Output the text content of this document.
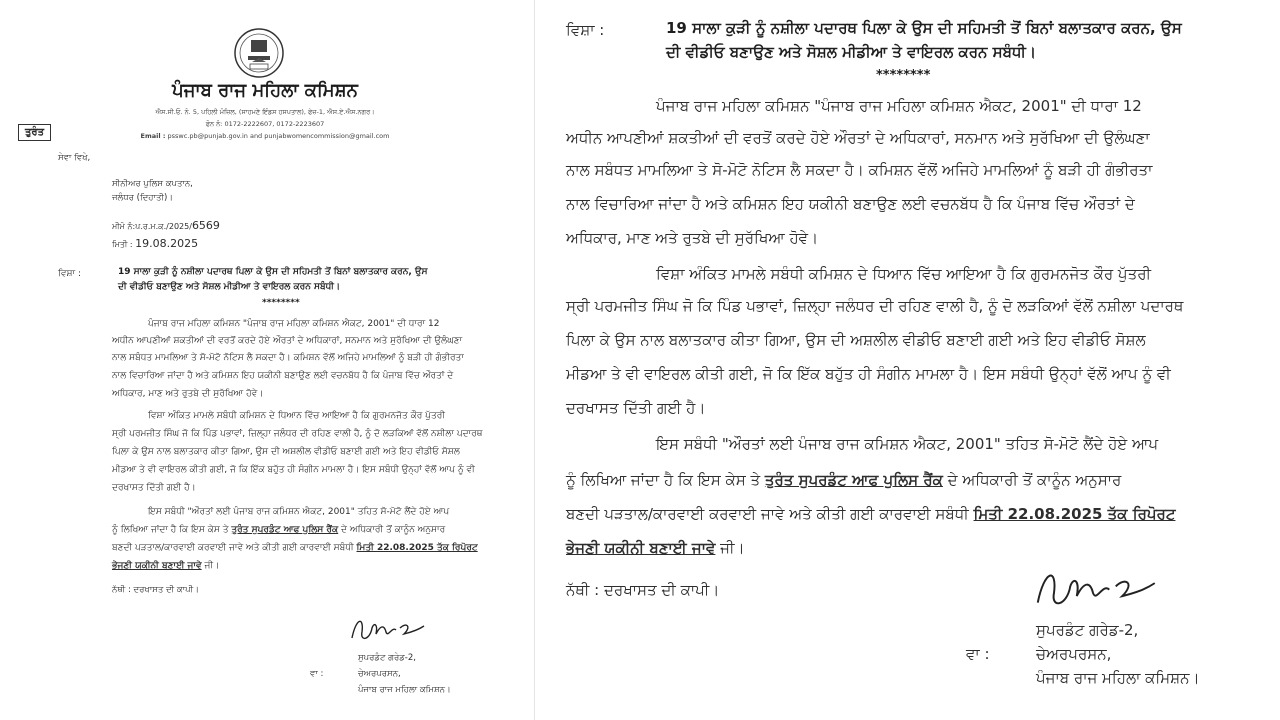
ਪੰਜਾਬ ਰਾਜ ਮਹਿਲਾ ਕਮਿਸ਼ਨ
ਐਸ.ਸੀ.ਓ. ਨੰ. 5, ਪਹਿਲੀ ਮੰਜ਼ਿਲ, (ਸਾਹਮਣੇ ਇੰਡਸ ਹਸਪਤਾਲ), ਫੇਜ਼-1, ਐਸ.ਏ.ਐਸ.ਨਗਰ।
ਫੋਨ ਨੰ: 0172-2222607, 0172-2223607
Email : psswc.pb@punjab.gov.in and punjabwomencommission@gmail.com
ਤੁਰੰਤ
ਸੇਵਾ ਵਿਖੇ,
ਸੀਨੀਅਰ ਪੁਲਿਸ ਕਪਤਾਨ,
ਜਲੰਧਰ (ਦਿਹਾਤੀ)।
ਮੀਮੋ ਨੰ:ਪ.ਰ.ਮ.ਕ./2025/6569
ਮਿਤੀ : 19.08.2025
ਵਿਸ਼ਾ :	19 ਸਾਲਾ ਕੁੜੀ ਨੂੰ ਨਸ਼ੀਲਾ ਪਦਾਰਥ ਪਿਲਾ ਕੇ ਉਸ ਦੀ ਸਹਿਮਤੀ ਤੋਂ ਬਿਨਾਂ ਬਲਾਤਕਾਰ ਕਰਨ, ਉਸ
ਦੀ ਵੀਡੀਓ ਬਣਾਉਣ ਅਤੇ ਸੋਸ਼ਲ ਮੀਡੀਆ ਤੇ ਵਾਇਰਲ ਕਰਨ ਸਬੰਧੀ।
********
ਪੰਜਾਬ ਰਾਜ ਮਹਿਲਾ ਕਮਿਸ਼ਨ "ਪੰਜਾਬ ਰਾਜ ਮਹਿਲਾ ਕਮਿਸ਼ਨ ਐਕਟ, 2001" ਦੀ ਧਾਰਾ 12
ਅਧੀਨ ਆਪਣੀਆਂ ਸ਼ਕਤੀਆਂ ਦੀ ਵਰਤੋਂ ਕਰਦੇ ਹੋਏ ਔਰਤਾਂ ਦੇ ਅਧਿਕਾਰਾਂ, ਸਨਮਾਨ ਅਤੇ ਸੁਰੱਖਿਆ ਦੀ ਉਲੰਘਣਾ
ਨਾਲ ਸਬੰਧਤ ਮਾਮਲਿਆ ਤੇ ਸੋ-ਮੋਟੋ ਨੋਟਿਸ ਲੈ ਸਕਦਾ ਹੈ। ਕਮਿਸ਼ਨ ਵੱਲੋਂ ਅਜਿਹੇ ਮਾਮਲਿਆਂ ਨੂੰ ਬੜੀ ਹੀ ਗੰਭੀਰਤਾ
ਨਾਲ ਵਿਚਾਰਿਆ ਜਾਂਦਾ ਹੈ ਅਤੇ ਕਮਿਸ਼ਨ ਇਹ ਯਕੀਨੀ ਬਣਾਉਣ ਲਈ ਵਚਨਬੱਧ ਹੈ ਕਿ ਪੰਜਾਬ ਵਿੱਚ ਔਰਤਾਂ ਦੇ
ਅਧਿਕਾਰ, ਮਾਣ ਅਤੇ ਰੁਤਬੇ ਦੀ ਸੁਰੱਖਿਆ ਹੋਵੇ।
ਵਿਸ਼ਾ ਅੰਕਿਤ ਮਾਮਲੇ ਸਬੰਧੀ ਕਮਿਸ਼ਨ ਦੇ ਧਿਆਨ ਵਿੱਚ ਆਇਆ ਹੈ ਕਿ ਗੁਰਮਨਜੋਤ ਕੌਰ ਪੁੱਤਰੀ
ਸ੍ਰੀ ਪਰਮਜੀਤ ਸਿੰਘ ਜੋ ਕਿ ਪਿੰਡ ਪਭਾਵਾਂ, ਜ਼ਿਲ੍ਹਾ ਜਲੰਧਰ ਦੀ ਰਹਿਣ ਵਾਲੀ ਹੈ, ਨੂੰ ਦੋ ਲੜਕਿਆਂ ਵੱਲੋਂ ਨਸ਼ੀਲਾ ਪਦਾਰਥ
ਪਿਲਾ ਕੇ ਉਸ ਨਾਲ ਬਲਾਤਕਾਰ ਕੀਤਾ ਗਿਆ, ਉਸ ਦੀ ਅਸ਼ਲੀਲ ਵੀਡੀਓ ਬਣਾਈ ਗਈ ਅਤੇ ਇਹ ਵੀਡੀਓ ਸੋਸ਼ਲ
ਮੀਡਆ ਤੇ ਵੀ ਵਾਇਰਲ ਕੀਤੀ ਗਈ, ਜੋ ਕਿ ਇੱਕ ਬਹੁੱਤ ਹੀ ਸੰਗੀਨ ਮਾਮਲਾ ਹੈ। ਇਸ ਸਬੰਧੀ ਉਨ੍ਹਾਂ ਵੱਲੋਂ ਆਪ ਨੂੰ ਵੀ
ਦਰਖਾਸਤ ਦਿੱਤੀ ਗਈ ਹੈ।
ਇਸ ਸਬੰਧੀ "ਔਰਤਾਂ ਲਈ ਪੰਜਾਬ ਰਾਜ ਕਮਿਸ਼ਨ ਐਕਟ, 2001" ਤਹਿਤ ਸੋ-ਮੋਟੋ ਲੈਂਦੇ ਹੋਏ ਆਪ
ਨੂੰ ਲਿਖਿਆ ਜਾਂਦਾ ਹੈ ਕਿ ਇਸ ਕੇਸ ਤੇ ਤੁਰੰਤ ਸੁਪਰਡੰਟ ਆਫ ਪੁਲਿਸ ਰੈਂਕ ਦੇ ਅਧਿਕਾਰੀ ਤੋਂ ਕਾਨੂੰਨ ਅਨੁਸਾਰ
ਬਣਦੀ ਪੜਤਾਲ/ਕਾਰਵਾਈ ਕਰਵਾਈ ਜਾਵੇ ਅਤੇ ਕੀਤੀ ਗਈ ਕਾਰਵਾਈ ਸਬੰਧੀ ਮਿਤੀ 22.08.2025 ਤੱਕ ਰਿਪੋਰਟ
ਭੇਜਣੀ ਯਕੀਨੀ ਬਣਾਈ ਜਾਵੇ ਜੀ।
ਨੱਥੀ : ਦਰਖਾਸਤ ਦੀ ਕਾਪੀ।
ਸੁਪਰਡੰਟ ਗਰੇਡ-2,
ਵਾ :	ਚੇਅਰਪਰਸਨ,
ਪੰਜਾਬ ਰਾਜ ਮਹਿਲਾ ਕਮਿਸ਼ਨ।
ਵਿਸ਼ਾ :	19 ਸਾਲਾ ਕੁੜੀ ਨੂੰ ਨਸ਼ੀਲਾ ਪਦਾਰਥ ਪਿਲਾ ਕੇ ਉਸ ਦੀ ਸਹਿਮਤੀ ਤੋਂ ਬਿਨਾਂ ਬਲਾਤਕਾਰ ਕਰਨ, ਉਸ
ਦੀ ਵੀਡੀਓ ਬਣਾਉਣ ਅਤੇ ਸੋਸ਼ਲ ਮੀਡੀਆ ਤੇ ਵਾਇਰਲ ਕਰਨ ਸਬੰਧੀ।
********
ਪੰਜਾਬ ਰਾਜ ਮਹਿਲਾ ਕਮਿਸ਼ਨ "ਪੰਜਾਬ ਰਾਜ ਮਹਿਲਾ ਕਮਿਸ਼ਨ ਐਕਟ, 2001" ਦੀ ਧਾਰਾ 12
ਅਧੀਨ ਆਪਣੀਆਂ ਸ਼ਕਤੀਆਂ ਦੀ ਵਰਤੋਂ ਕਰਦੇ ਹੋਏ ਔਰਤਾਂ ਦੇ ਅਧਿਕਾਰਾਂ, ਸਨਮਾਨ ਅਤੇ ਸੁਰੱਖਿਆ ਦੀ ਉਲੰਘਣਾ
ਨਾਲ ਸਬੰਧਤ ਮਾਮਲਿਆ ਤੇ ਸੋ-ਮੋਟੋ ਨੋਟਿਸ ਲੈ ਸਕਦਾ ਹੈ। ਕਮਿਸ਼ਨ ਵੱਲੋਂ ਅਜਿਹੇ ਮਾਮਲਿਆਂ ਨੂੰ ਬੜੀ ਹੀ ਗੰਭੀਰਤਾ
ਨਾਲ ਵਿਚਾਰਿਆ ਜਾਂਦਾ ਹੈ ਅਤੇ ਕਮਿਸ਼ਨ ਇਹ ਯਕੀਨੀ ਬਣਾਉਣ ਲਈ ਵਚਨਬੱਧ ਹੈ ਕਿ ਪੰਜਾਬ ਵਿੱਚ ਔਰਤਾਂ ਦੇ
ਅਧਿਕਾਰ, ਮਾਣ ਅਤੇ ਰੁਤਬੇ ਦੀ ਸੁਰੱਖਿਆ ਹੋਵੇ।
ਵਿਸ਼ਾ ਅੰਕਿਤ ਮਾਮਲੇ ਸਬੰਧੀ ਕਮਿਸ਼ਨ ਦੇ ਧਿਆਨ ਵਿੱਚ ਆਇਆ ਹੈ ਕਿ ਗੁਰਮਨਜੋਤ ਕੌਰ ਪੁੱਤਰੀ
ਸ੍ਰੀ ਪਰਮਜੀਤ ਸਿੰਘ ਜੋ ਕਿ ਪਿੰਡ ਪਭਾਵਾਂ, ਜ਼ਿਲ੍ਹਾ ਜਲੰਧਰ ਦੀ ਰਹਿਣ ਵਾਲੀ ਹੈ, ਨੂੰ ਦੋ ਲੜਕਿਆਂ ਵੱਲੋਂ ਨਸ਼ੀਲਾ ਪਦਾਰਥ
ਪਿਲਾ ਕੇ ਉਸ ਨਾਲ ਬਲਾਤਕਾਰ ਕੀਤਾ ਗਿਆ, ਉਸ ਦੀ ਅਸ਼ਲੀਲ ਵੀਡੀਓ ਬਣਾਈ ਗਈ ਅਤੇ ਇਹ ਵੀਡੀਓ ਸੋਸ਼ਲ
ਮੀਡਆ ਤੇ ਵੀ ਵਾਇਰਲ ਕੀਤੀ ਗਈ, ਜੋ ਕਿ ਇੱਕ ਬਹੁੱਤ ਹੀ ਸੰਗੀਨ ਮਾਮਲਾ ਹੈ। ਇਸ ਸਬੰਧੀ ਉਨ੍ਹਾਂ ਵੱਲੋਂ ਆਪ ਨੂੰ ਵੀ
ਦਰਖਾਸਤ ਦਿੱਤੀ ਗਈ ਹੈ।
ਇਸ ਸਬੰਧੀ "ਔਰਤਾਂ ਲਈ ਪੰਜਾਬ ਰਾਜ ਕਮਿਸ਼ਨ ਐਕਟ, 2001" ਤਹਿਤ ਸੋ-ਮੋਟੋ ਲੈਂਦੇ ਹੋਏ ਆਪ
ਨੂੰ ਲਿਖਿਆ ਜਾਂਦਾ ਹੈ ਕਿ ਇਸ ਕੇਸ ਤੇ ਤੁਰੰਤ ਸੁਪਰਡੰਟ ਆਫ ਪੁਲਿਸ ਰੈਂਕ ਦੇ ਅਧਿਕਾਰੀ ਤੋਂ ਕਾਨੂੰਨ ਅਨੁਸਾਰ
ਬਣਦੀ ਪੜਤਾਲ/ਕਾਰਵਾਈ ਕਰਵਾਈ ਜਾਵੇ ਅਤੇ ਕੀਤੀ ਗਈ ਕਾਰਵਾਈ ਸਬੰਧੀ ਮਿਤੀ 22.08.2025 ਤੱਕ ਰਿਪੋਰਟ
ਭੇਜਣੀ ਯਕੀਨੀ ਬਣਾਈ ਜਾਵੇ ਜੀ।
ਨੱਥੀ : ਦਰਖਾਸਤ ਦੀ ਕਾਪੀ।
ਸੁਪਰਡੰਟ ਗਰੇਡ-2,
ਵਾ :	ਚੇਅਰਪਰਸਨ,
ਪੰਜਾਬ ਰਾਜ ਮਹਿਲਾ ਕਮਿਸ਼ਨ।
